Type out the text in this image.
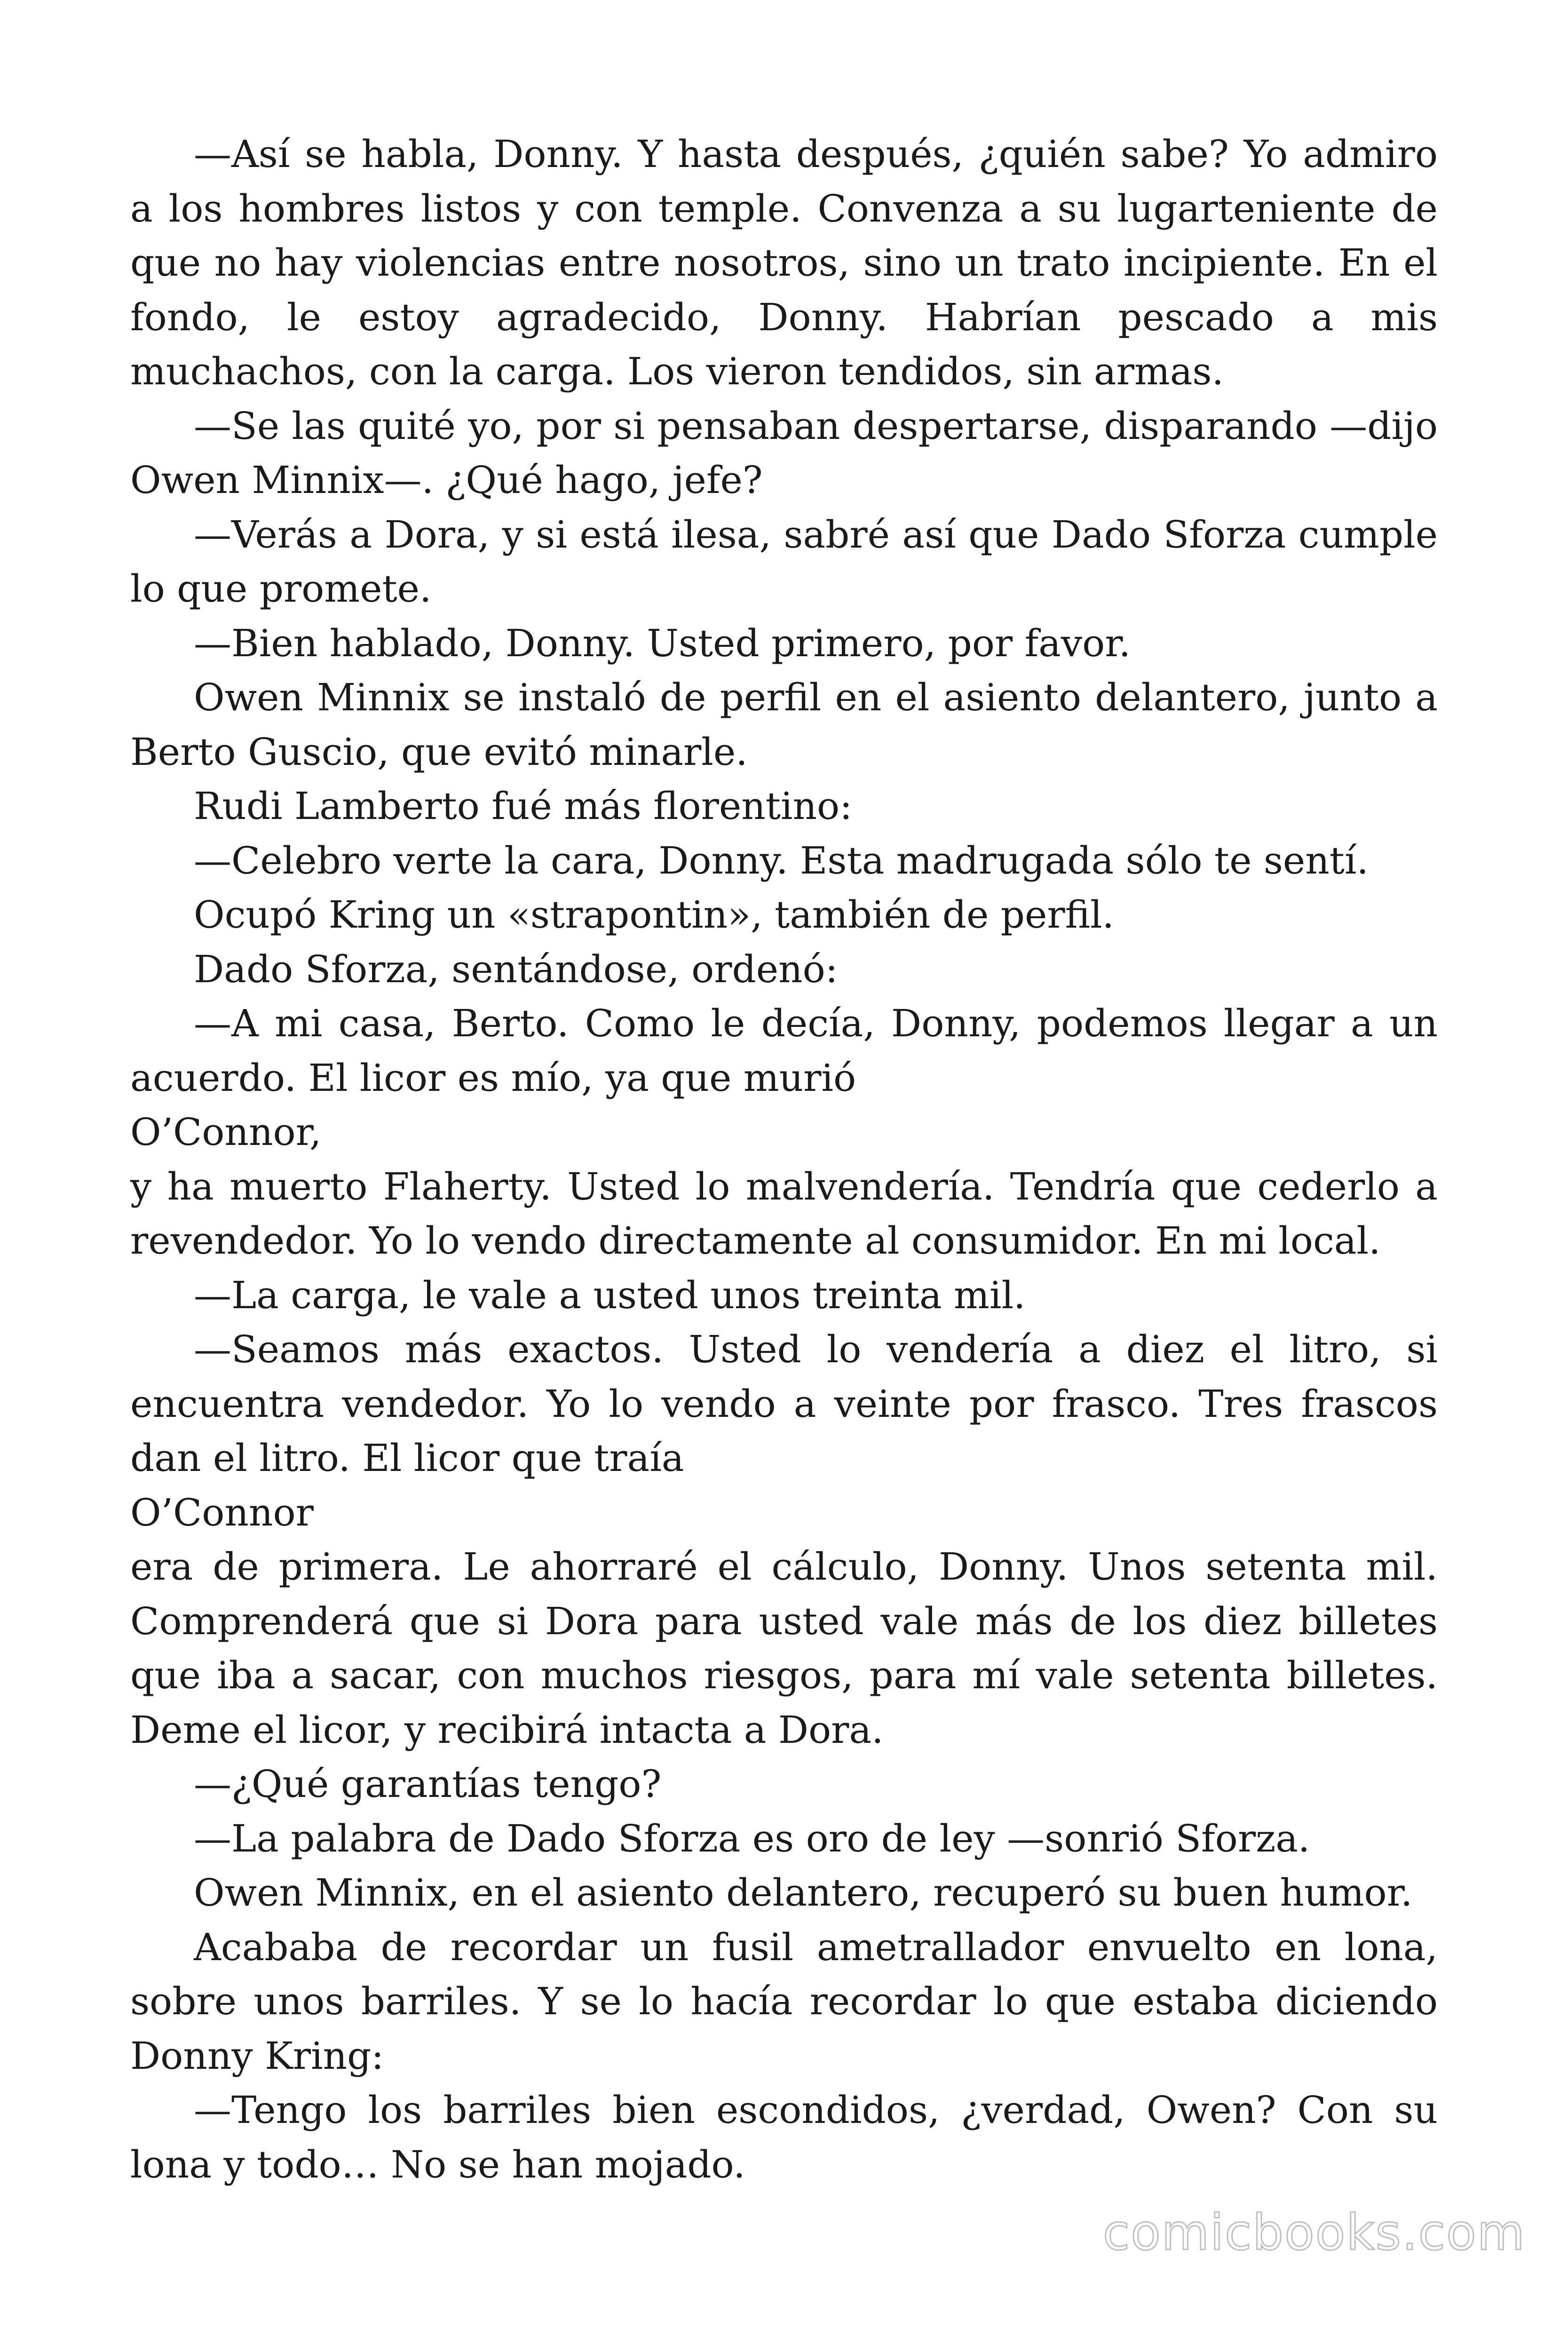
—Así se habla, Donny. Y hasta después, ¿quién sabe? Yo admiro
a los hombres listos y con temple. Convenza a su lugarteniente de
que no hay violencias entre nosotros, sino un trato incipiente. En el
fondo, le estoy agradecido, Donny. Habrían pescado a mis
muchachos, con la carga. Los vieron tendidos, sin armas.
—Se las quité yo, por si pensaban despertarse, disparando —dijo
Owen Minnix—. ¿Qué hago, jefe?
—Verás a Dora, y si está ilesa, sabré así que Dado Sforza cumple
lo que promete.
—Bien hablado, Donny. Usted primero, por favor.
Owen Minnix se instaló de perfil en el asiento delantero, junto a
Berto Guscio, que evitó minarle.
Rudi Lamberto fué más florentino:
—Celebro verte la cara, Donny. Esta madrugada sólo te sentí.
Ocupó Kring un «strapontin», también de perfil.
Dado Sforza, sentándose, ordenó:
—A mi casa, Berto. Como le decía, Donny, podemos llegar a un
acuerdo. El licor es mío, ya que murió
O’Connor,
y ha muerto Flaherty. Usted lo malvendería. Tendría que cederlo a
revendedor. Yo lo vendo directamente al consumidor. En mi local.
—La carga, le vale a usted unos treinta mil.
—Seamos más exactos. Usted lo vendería a diez el litro, si
encuentra vendedor. Yo lo vendo a veinte por frasco. Tres frascos
dan el litro. El licor que traía
O’Connor
era de primera. Le ahorraré el cálculo, Donny. Unos setenta mil.
Comprenderá que si Dora para usted vale más de los diez billetes
que iba a sacar, con muchos riesgos, para mí vale setenta billetes.
Deme el licor, y recibirá intacta a Dora.
—¿Qué garantías tengo?
—La palabra de Dado Sforza es oro de ley —sonrió Sforza.
Owen Minnix, en el asiento delantero, recuperó su buen humor.
Acababa de recordar un fusil ametrallador envuelto en lona,
sobre unos barriles. Y se lo hacía recordar lo que estaba diciendo
Donny Kring:
—Tengo los barriles bien escondidos, ¿verdad, Owen? Con su
lona y todo… No se han mojado.
comicbooks.com
